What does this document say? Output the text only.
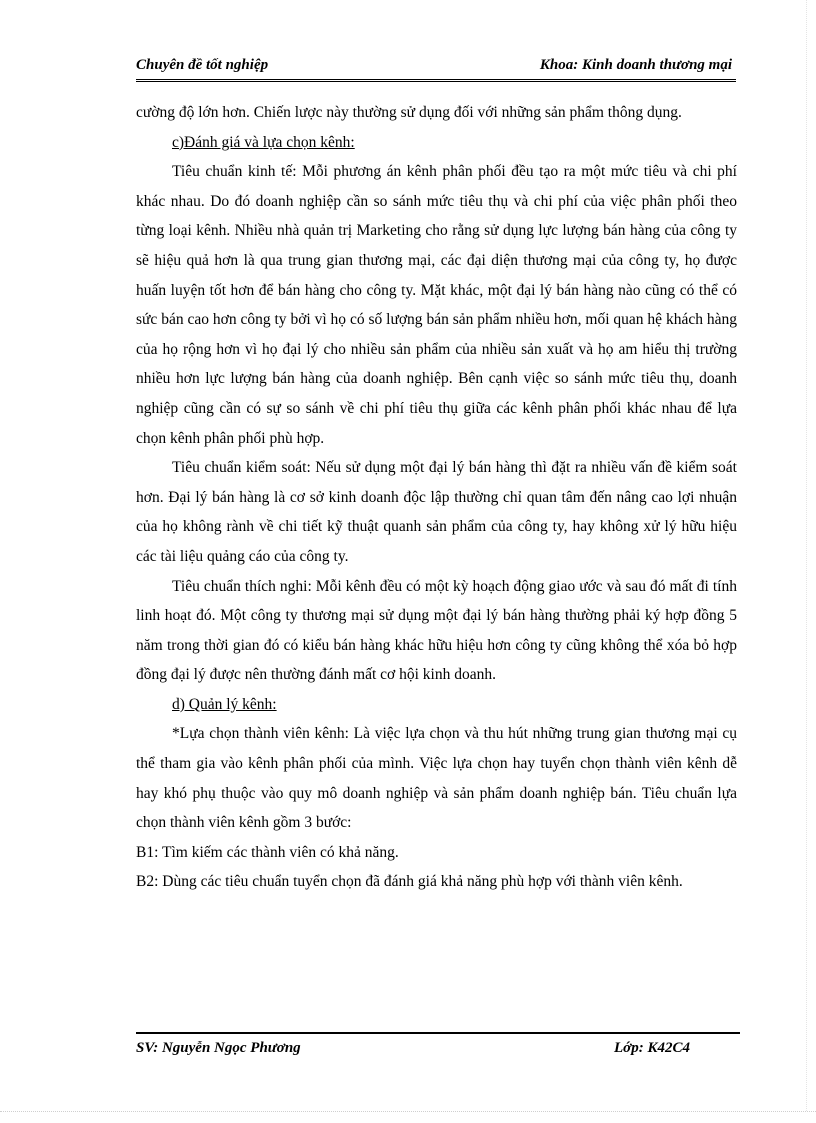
Chuyên đề tốt nghiệp	Khoa: Kinh doanh thương mại

cường độ lớn hơn. Chiến lược này thường sử dụng đối với những sản phẩm thông dụng.

c)Đánh giá và lựa chọn kênh:

Tiêu chuẩn kinh tế: Mỗi phương án kênh phân phối đều tạo ra một mức tiêu và chi phí khác nhau. Do đó doanh nghiệp cần so sánh mức tiêu thụ và chi phí của việc phân phối theo từng loại kênh. Nhiều nhà quản trị Marketing cho rằng sử dụng lực lượng bán hàng của công ty sẽ hiệu quả hơn là qua trung gian thương mại, các đại diện thương mại của công ty, họ được huấn luyện tốt hơn để bán hàng cho công ty. Mặt khác, một đại lý bán hàng nào cũng có thể có sức bán cao hơn công ty bởi vì họ có số lượng bán sản phẩm nhiều hơn, mối quan hệ khách hàng của họ rộng hơn vì họ đại lý cho nhiều sản phẩm của nhiều sản xuất và họ am hiểu thị trường nhiều hơn lực lượng bán hàng của doanh nghiệp. Bên cạnh việc so sánh mức tiêu thụ, doanh nghiệp cũng cần có sự so sánh về chi phí tiêu thụ giữa các kênh phân phối khác nhau để lựa chọn kênh phân phối phù hợp.

Tiêu chuẩn kiểm soát: Nếu sử dụng một đại lý bán hàng thì đặt ra nhiều vấn đề kiểm soát hơn. Đại lý bán hàng là cơ sở kinh doanh độc lập thường chỉ quan tâm đến nâng cao lợi nhuận của họ không rành về chi tiết kỹ thuật quanh sản phẩm của công ty, hay không xử lý hữu hiệu các tài liệu quảng cáo của công ty.

Tiêu chuẩn thích nghi: Mỗi kênh đều có một kỳ hoạch động giao ước và sau đó mất đi tính linh hoạt đó. Một công ty thương mại sử dụng một đại lý bán hàng thường phải ký hợp đồng 5 năm trong thời gian đó có kiểu bán hàng khác hữu hiệu hơn công ty cũng không thể xóa bỏ hợp đồng đại lý được nên thường đánh mất cơ hội kinh doanh.

d) Quản lý kênh:

*Lựa chọn thành viên kênh: Là việc lựa chọn và thu hút những trung gian thương mại cụ thể tham gia vào kênh phân phối của mình. Việc lựa chọn hay tuyển chọn thành viên kênh dễ hay khó phụ thuộc vào quy mô doanh nghiệp và sản phẩm doanh nghiệp bán. Tiêu chuẩn lựa chọn thành viên kênh gồm 3 bước:

B1: Tìm kiếm các thành viên có khả năng.

B2: Dùng các tiêu chuẩn tuyển chọn đã đánh giá khả năng phù hợp với thành viên kênh.

SV: Nguyễn Ngọc Phương	Lớp: K42C4
